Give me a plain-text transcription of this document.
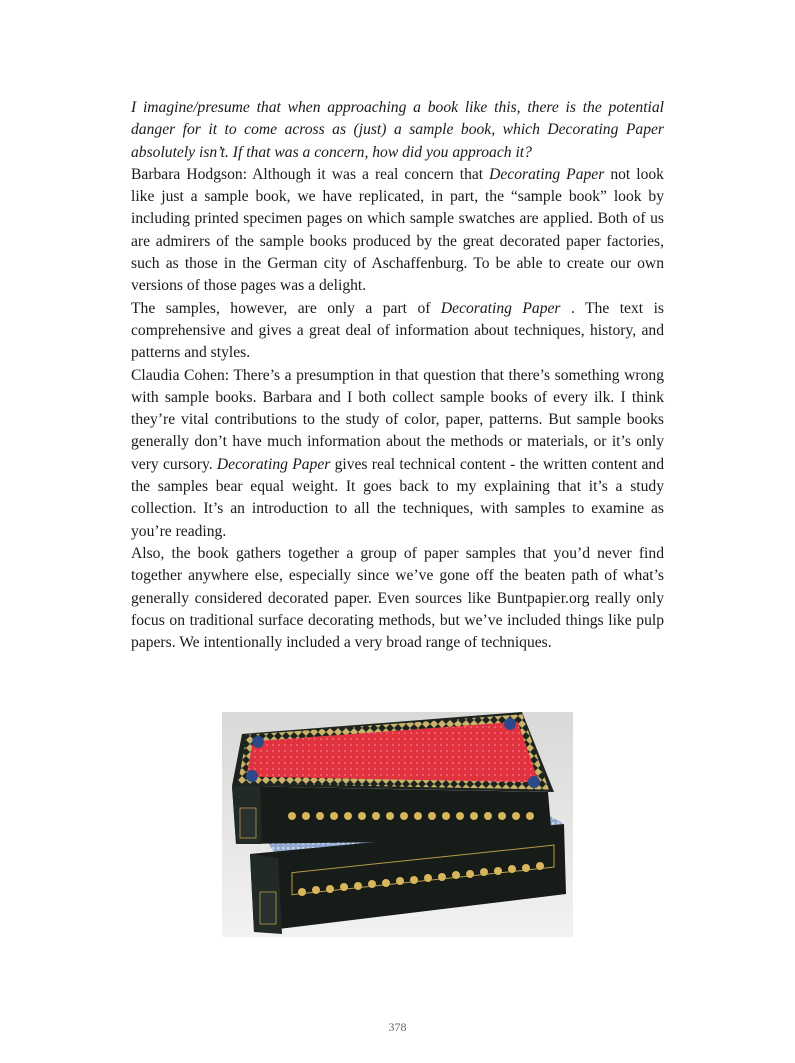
I imagine/presume that when approaching a book like this, there is the potential danger for it to come across as (just) a sample book, which Decorating Paper absolutely isn’t. If that was a concern, how did you approach it?

Barbara Hodgson: Although it was a real concern that Decorating Paper not look like just a sample book, we have replicated, in part, the “sample book” look by including printed specimen pages on which sample swatches are applied. Both of us are admirers of the sample books produced by the great decorated paper factories, such as those in the German city of Aschaffenburg. To be able to create our own versions of those pages was a delight.

The samples, however, are only a part of Decorating Paper . The text is comprehensive and gives a great deal of information about techniques, history, and patterns and styles.

Claudia Cohen: There’s a presumption in that question that there’s something wrong with sample books. Barbara and I both collect sample books of every ilk. I think they’re vital contributions to the study of color, paper, patterns. But sample books generally don’t have much information about the methods or materials, or it’s only very cursory. Decorating Paper gives real technical content - the written content and the samples bear equal weight. It goes back to my explaining that it’s a study collection. It’s an introduction to all the techniques, with samples to examine as you’re reading.

Also, the book gathers together a group of paper samples that you’d never find together anywhere else, especially since we’ve gone off the beaten path of what’s generally considered decorated paper. Even sources like Buntpapier.org really only focus on traditional surface decorating methods, but we’ve included things like pulp papers. We intentionally included a very broad range of techniques.

378
